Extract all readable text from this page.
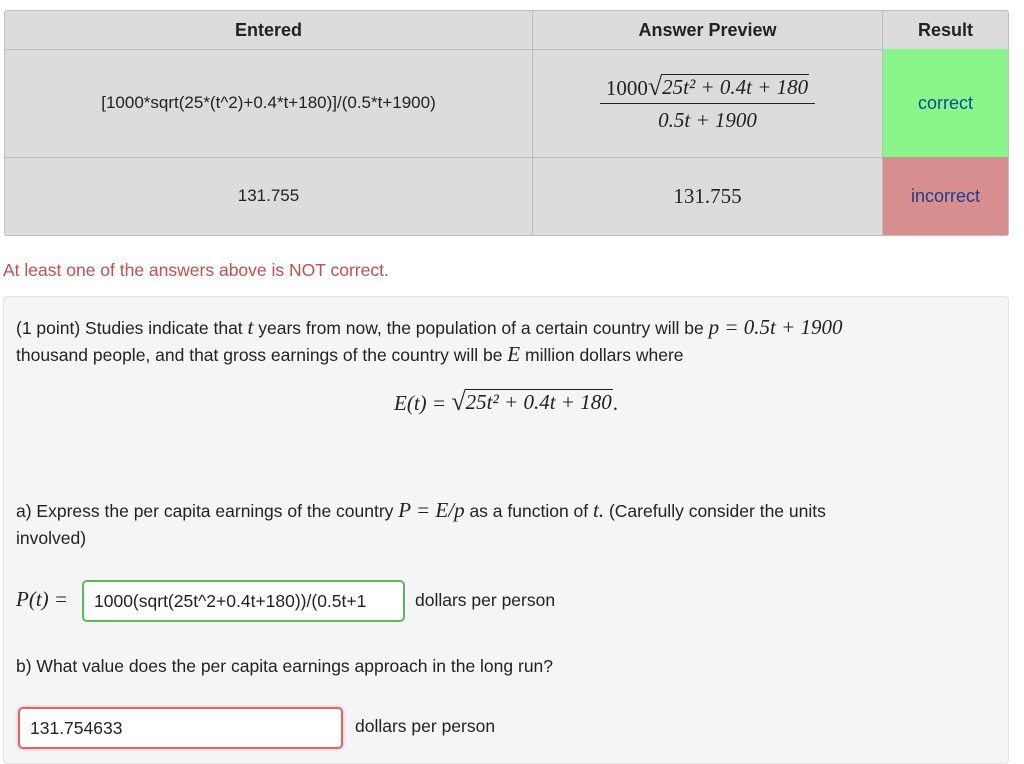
Entered	Answer Preview	Result
[1000*sqrt(25*(t^2)+0.4*t+180)]/(0.5*t+1900)	$\frac{\text{1000 √ 25t² + 0.4t + 180}}{0.5t + 1900}$	correct
131.755	131.755	incorrect
At least one of the answers above is NOT correct.
(1 point) Studies indicate that t years from now, the population of a certain country will be p = 0.5t + 1900
thousand people, and that gross earnings of the country will be E million dollars where
E(t) = √ 25t² + 0.4t + 180 .
a) Express the per capita earnings of the country P = E/p as a function of t. (Carefully consider the units
involved)
P(t) =	1000(sqrt(25t^2+0.4t+180))/(0.5t+1	dollars per person
b) What value does the per capita earnings approach in the long run?
131.754633	dollars per person
